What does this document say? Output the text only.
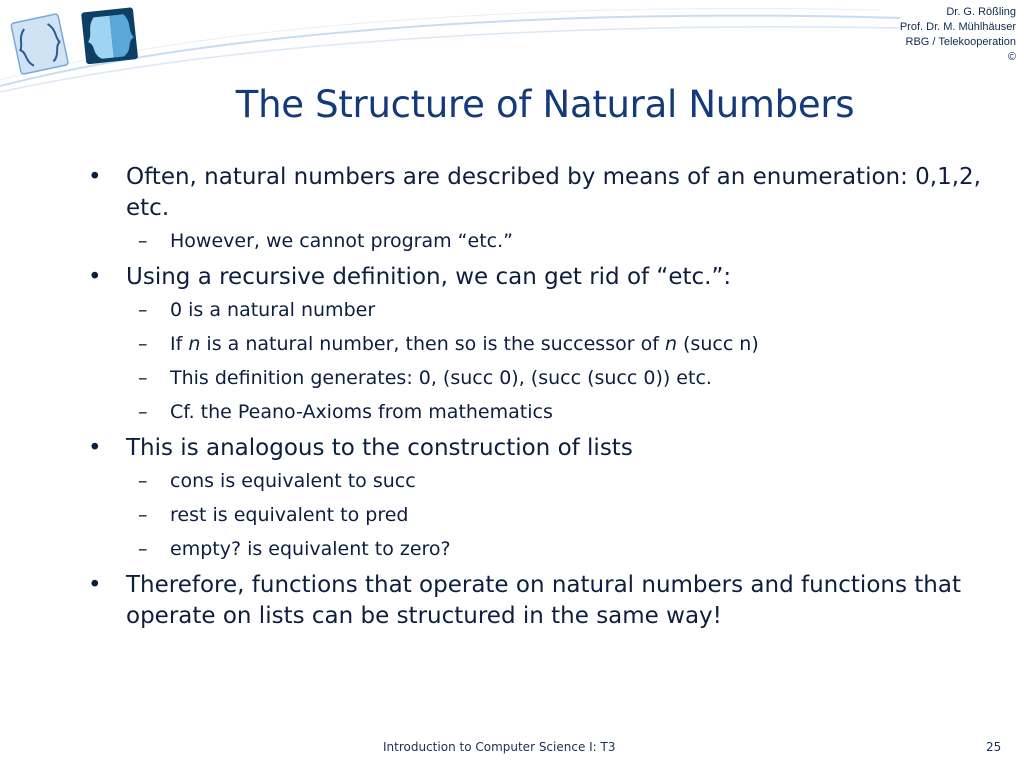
Dr. G. Rößling
Prof. Dr. M. Mühlhäuser
RBG / Telekooperation
©
The Structure of Natural Numbers
• Often, natural numbers are described by means of an enumeration: 0,1,2, etc.
– However, we cannot program “etc.”
• Using a recursive definition, we can get rid of “etc.”:
– 0 is a natural number
– If n is a natural number, then so is the successor of n (succ n)
– This definition generates: 0, (succ 0), (succ (succ 0)) etc.
– Cf. the Peano-Axioms from mathematics
• This is analogous to the construction of lists
– cons is equivalent to succ
– rest is equivalent to pred
– empty? is equivalent to zero?
• Therefore, functions that operate on natural numbers and functions that operate on lists can be structured in the same way!
Introduction to Computer Science I: T3	25
